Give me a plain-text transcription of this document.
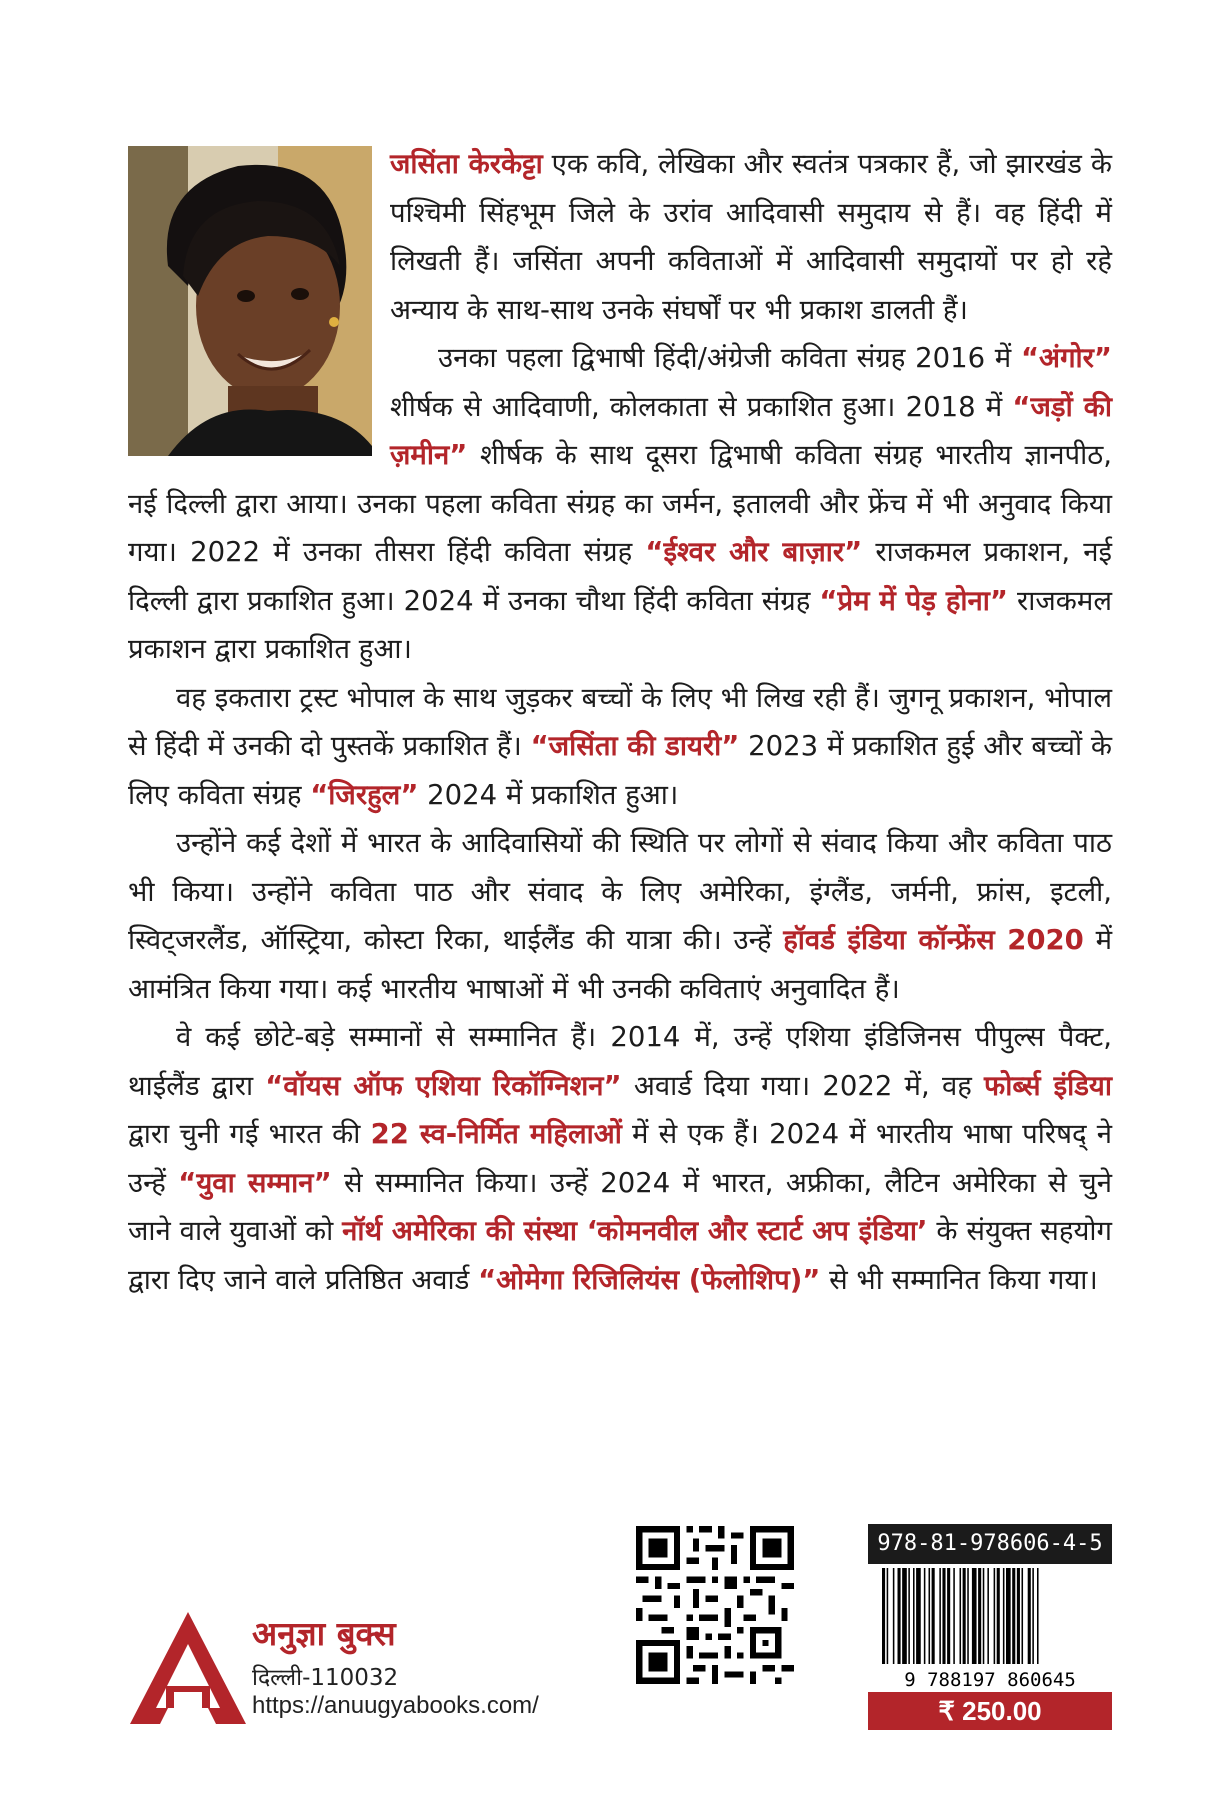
जसिंता केरकेट्टा एक कवि, लेखिका और स्वतंत्र पत्रकार हैं, जो झारखंड के पश्चिमी सिंहभूम जिले के उरांव आदिवासी समुदाय से हैं। वह हिंदी में लिखती हैं। जसिंता अपनी कविताओं में आदिवासी समुदायों पर हो रहे अन्याय के साथ-साथ उनके संघर्षों पर भी प्रकाश डालती हैं।

उनका पहला द्विभाषी हिंदी/अंग्रेजी कविता संग्रह 2016 में “अंगोर” शीर्षक से आदिवाणी, कोलकाता से प्रकाशित हुआ। 2018 में “जड़ों की ज़मीन” शीर्षक के साथ दूसरा द्विभाषी कविता संग्रह भारतीय ज्ञानपीठ, नई दिल्ली द्वारा आया। उनका पहला कविता संग्रह का जर्मन, इतालवी और फ्रेंच में भी अनुवाद किया गया। 2022 में उनका तीसरा हिंदी कविता संग्रह “ईश्वर और बाज़ार” राजकमल प्रकाशन, नई दिल्ली द्वारा प्रकाशित हुआ। 2024 में उनका चौथा हिंदी कविता संग्रह “प्रेम में पेड़ होना” राजकमल प्रकाशन द्वारा प्रकाशित हुआ।

वह इकतारा ट्रस्ट भोपाल के साथ जुड़कर बच्चों के लिए भी लिख रही हैं। जुगनू प्रकाशन, भोपाल से हिंदी में उनकी दो पुस्तकें प्रकाशित हैं। “जसिंता की डायरी” 2023 में प्रकाशित हुई और बच्चों के लिए कविता संग्रह “जिरहुल” 2024 में प्रकाशित हुआ।

उन्होंने कई देशों में भारत के आदिवासियों की स्थिति पर लोगों से संवाद किया और कविता पाठ भी किया। उन्होंने कविता पाठ और संवाद के लिए अमेरिका, इंग्लैंड, जर्मनी, फ्रांस, इटली, स्विट्जरलैंड, ऑस्ट्रिया, कोस्टा रिका, थाईलैंड की यात्रा की। उन्हें हॉवर्ड इंडिया कॉन्फ्रेंस 2020 में आमंत्रित किया गया। कई भारतीय भाषाओं में भी उनकी कविताएं अनुवादित हैं।

वे कई छोटे-बड़े सम्मानों से सम्मानित हैं। 2014 में, उन्हें एशिया इंडिजिनस पीपुल्स पैक्ट, थाईलैंड द्वारा “वॉयस ऑफ एशिया रिकॉग्निशन” अवार्ड दिया गया। 2022 में, वह फोर्ब्स इंडिया द्वारा चुनी गई भारत की 22 स्व-निर्मित महिलाओं में से एक हैं। 2024 में भारतीय भाषा परिषद् ने उन्हें “युवा सम्मान” से सम्मानित किया। उन्हें 2024 में भारत, अफ्रीका, लैटिन अमेरिका से चुने जाने वाले युवाओं को नॉर्थ अमेरिका की संस्था ‘कोमनवील और स्टार्ट अप इंडिया’ के संयुक्त सहयोग द्वारा दिए जाने वाले प्रतिष्ठित अवार्ड “ओमेगा रिजिलियंस (फेलोशिप)” से भी सम्मानित किया गया।

अनुज्ञा बुक्स
दिल्ली-110032
https://anuugyabooks.com/
978-81-978606-4-5
9 788197 860645
₹ 250.00
